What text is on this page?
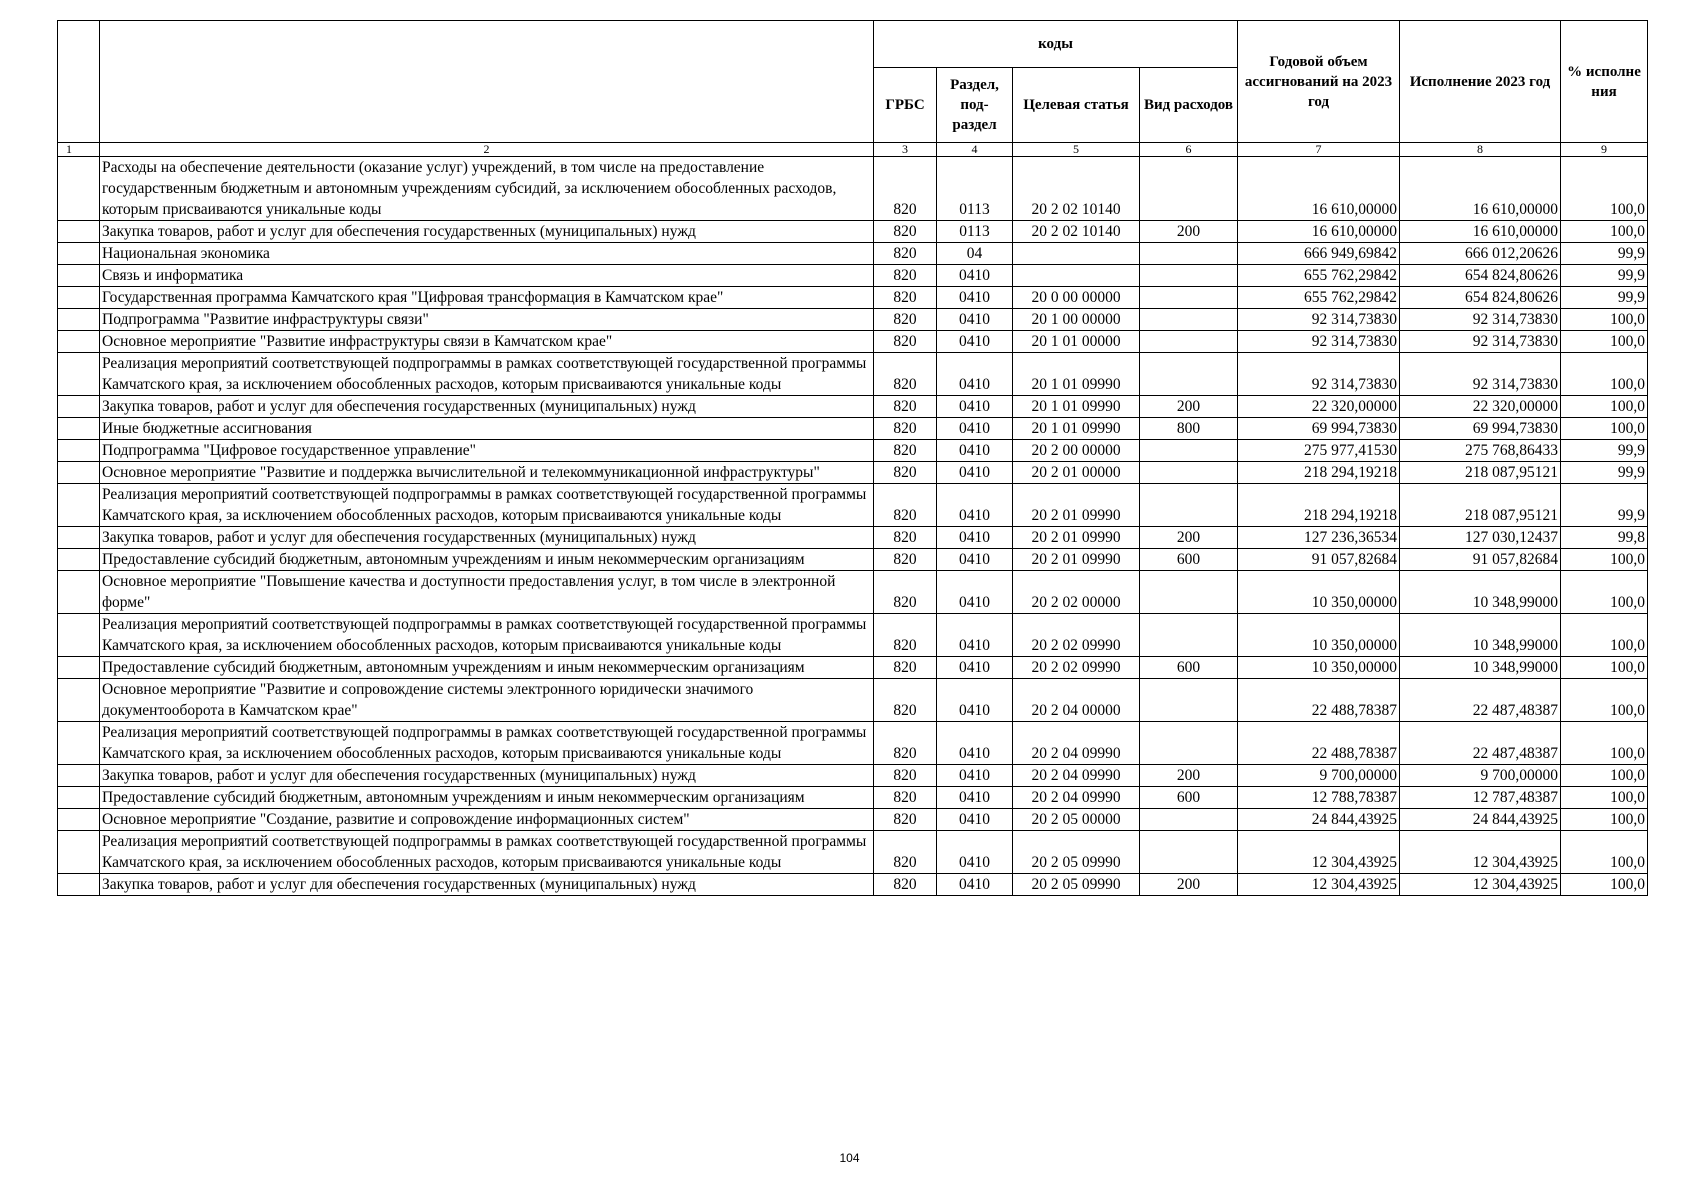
		коды				Годовой объем ассигнований на 2023 год	Исполнение 2023 год	% исполне ния
		ГРБС	Раздел, под-раздел	Целевая статья	Вид расходов			
1	2	3	4	5	6	7	8	9
	Расходы на обеспечение деятельности (оказание услуг) учреждений, в том числе на предоставление государственным бюджетным и автономным учреждениям субсидий, за исключением обособленных расходов, которым присваиваются уникальные коды	820	0113	20 2 02 10140		16 610,00000	16 610,00000	100,0
	Закупка товаров, работ и услуг для обеспечения государственных (муниципальных) нужд	820	0113	20 2 02 10140	200	16 610,00000	16 610,00000	100,0
	Национальная экономика	820	04			666 949,69842	666 012,20626	99,9
	Связь и информатика	820	0410			655 762,29842	654 824,80626	99,9
	Государственная программа Камчатского края "Цифровая трансформация в Камчатском крае"	820	0410	20 0 00 00000		655 762,29842	654 824,80626	99,9
	Подпрограмма "Развитие инфраструктуры связи"	820	0410	20 1 00 00000		92 314,73830	92 314,73830	100,0
	Основное мероприятие "Развитие инфраструктуры связи в Камчатском крае"	820	0410	20 1 01 00000		92 314,73830	92 314,73830	100,0
	Реализация мероприятий соответствующей подпрограммы в рамках соответствующей государственной программы Камчатского края, за исключением обособленных расходов, которым присваиваются уникальные коды	820	0410	20 1 01 09990		92 314,73830	92 314,73830	100,0
	Закупка товаров, работ и услуг для обеспечения государственных (муниципальных) нужд	820	0410	20 1 01 09990	200	22 320,00000	22 320,00000	100,0
	Иные бюджетные ассигнования	820	0410	20 1 01 09990	800	69 994,73830	69 994,73830	100,0
	Подпрограмма "Цифровое государственное управление"	820	0410	20 2 00 00000		275 977,41530	275 768,86433	99,9
	Основное мероприятие "Развитие и поддержка вычислительной и телекоммуникационной инфраструктуры"	820	0410	20 2 01 00000		218 294,19218	218 087,95121	99,9
	Реализация мероприятий соответствующей подпрограммы в рамках соответствующей государственной программы Камчатского края, за исключением обособленных расходов, которым присваиваются уникальные коды	820	0410	20 2 01 09990		218 294,19218	218 087,95121	99,9
	Закупка товаров, работ и услуг для обеспечения государственных (муниципальных) нужд	820	0410	20 2 01 09990	200	127 236,36534	127 030,12437	99,8
	Предоставление субсидий бюджетным, автономным учреждениям и иным некоммерческим организациям	820	0410	20 2 01 09990	600	91 057,82684	91 057,82684	100,0
	Основное мероприятие "Повышение качества и доступности предоставления услуг, в том числе в электронной форме"	820	0410	20 2 02 00000		10 350,00000	10 348,99000	100,0
	Реализация мероприятий соответствующей подпрограммы в рамках соответствующей государственной программы Камчатского края, за исключением обособленных расходов, которым присваиваются уникальные коды	820	0410	20 2 02 09990		10 350,00000	10 348,99000	100,0
	Предоставление субсидий бюджетным, автономным учреждениям и иным некоммерческим организациям	820	0410	20 2 02 09990	600	10 350,00000	10 348,99000	100,0
	Основное мероприятие "Развитие и сопровождение системы электронного юридически значимого документооборота в Камчатском крае"	820	0410	20 2 04 00000		22 488,78387	22 487,48387	100,0
	Реализация мероприятий соответствующей подпрограммы в рамках соответствующей государственной программы Камчатского края, за исключением обособленных расходов, которым присваиваются уникальные коды	820	0410	20 2 04 09990		22 488,78387	22 487,48387	100,0
	Закупка товаров, работ и услуг для обеспечения государственных (муниципальных) нужд	820	0410	20 2 04 09990	200	9 700,00000	9 700,00000	100,0
	Предоставление субсидий бюджетным, автономным учреждениям и иным некоммерческим организациям	820	0410	20 2 04 09990	600	12 788,78387	12 787,48387	100,0
	Основное мероприятие "Создание, развитие и сопровождение информационных систем"	820	0410	20 2 05 00000		24 844,43925	24 844,43925	100,0
	Реализация мероприятий соответствующей подпрограммы в рамках соответствующей государственной программы Камчатского края, за исключением обособленных расходов, которым присваиваются уникальные коды	820	0410	20 2 05 09990		12 304,43925	12 304,43925	100,0
	Закупка товаров, работ и услуг для обеспечения государственных (муниципальных) нужд	820	0410	20 2 05 09990	200	12 304,43925	12 304,43925	100,0
104
